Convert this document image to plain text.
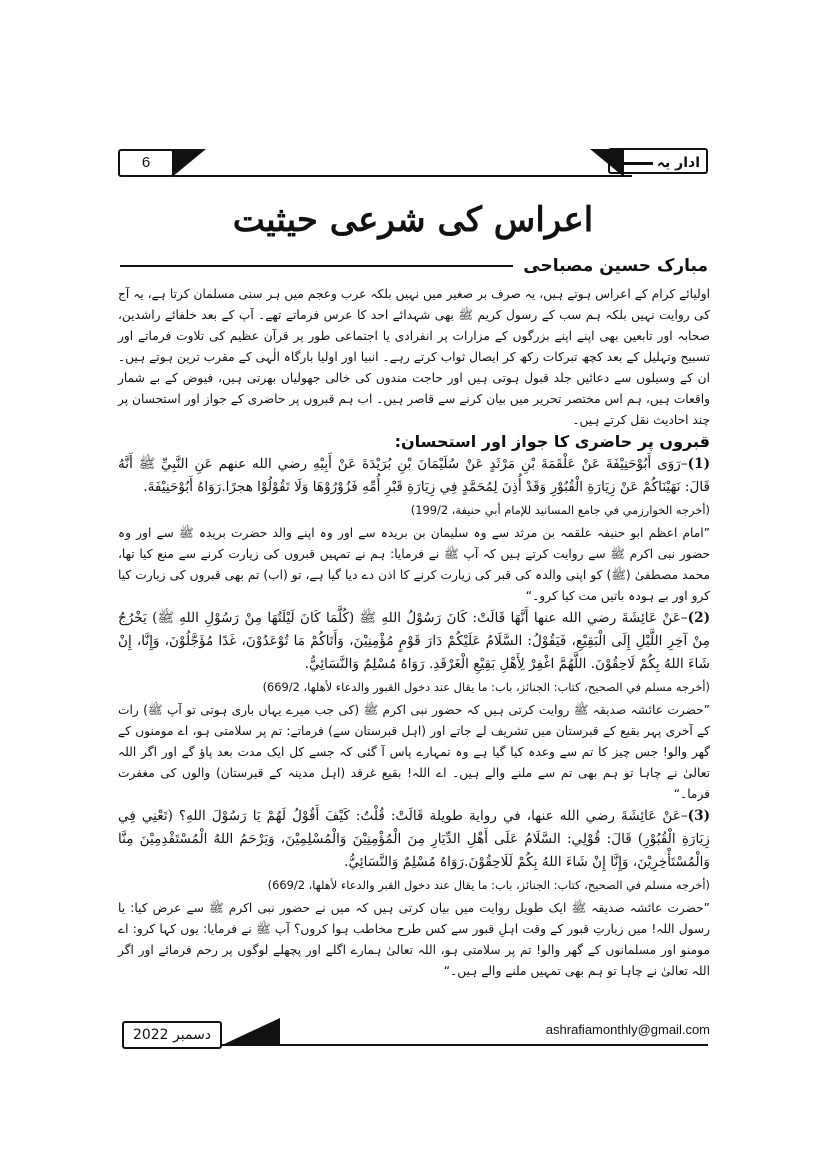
6	ادار یہ
اعراس کی شرعی حیثیت
مبارک حسین مصباحی

اولیائے کرام کے اعراس ہوتے ہیں، یہ صرف بر صغیر میں نہیں بلکہ عرب وعجم میں ہر سنی مسلمان کرتا ہے، یہ آج کی روایت نہیں بلکہ ہم سب کے رسول کریم ﷺ بھی شہدائے احد کا عرس فرماتے تھے۔ آپ کے بعد خلفائے راشدین، صحابہ اور تابعین بھی اپنے اپنے بزرگوں کے مزارات پر انفرادی یا اجتماعی طور پر قرآن عظیم کی تلاوت فرماتے اور تسبیح وتہلیل کے بعد کچھ تبرکات رکھ کر ایصال ثواب کرتے رہے۔ انبیا اور اولیا بارگاہ الٰہی کے مقرب ترین ہوتے ہیں۔ ان کے وسیلوں سے دعائیں جلد قبول ہوتی ہیں اور حاجت مندوں کی خالی جھولیاں بھرتی ہیں، فیوض کے بے شمار واقعات ہیں، ہم اس مختصر تحریر میں بیان کرنے سے قاصر ہیں۔ اب ہم قبروں پر حاضری کے جواز اور استحسان پر چند احادیث نقل کرتے ہیں۔

قبروں پر حاضری کا جواز اور استحسان:

(1)–رَوَى أَبُوْحَنِيْفَةَ عَنْ عَلْقَمَةَ بْنِ مَرْثَدٍ عَنْ سُلَيْمَانَ بْنِ بُرَيْدَةَ عَنْ أَبِيْهِ رضي الله عنهم عَنِ النَّبِيِّ ﷺ أَنَّهُ قَالَ: نَهَيْنَاكُمْ عَنْ زِيَارَةِ الْقُبُوْرِ وَقَدْ أُذِنَ لِمُحَمَّدٍ فِي زِيَارَةِ قَبْرِ أُمِّهِ فَزُوْرُوْهَا وَلَا تَقُوْلُوْا هجرًا.رَوَاهُ أَبُوْحَنِيْفَةَ.

(أخرجه الخوارزمي في جامع المسانيد للإمام أبي حنيفة، 199/2)

”امام اعظم ابو حنیفہ علقمہ بن مرثد سے وہ سلیمان بن بریدہ سے اور وہ اپنے والد حضرت بریدہ ﷺ سے اور وہ حضور نبی اکرم ﷺ سے روایت کرتے ہیں کہ آپ ﷺ نے فرمایا: ہم نے تمہیں قبروں کی زیارت کرنے سے منع کیا تھا، محمد مصطفیٰ (ﷺ) کو اپنی والدہ کی قبر کی زیارت کرنے کا اذن دے دیا گیا ہے، تو (اب) تم بھی قبروں کی زیارت کیا کرو اور بے ہودہ باتیں مت کیا کرو۔“

(2)–عَنْ عَائِشَةَ رضي الله عنها أَنَّهَا قَالَتْ: كَانَ رَسُوْلُ اللهِ ﷺ (كُلَّمَا كَانَ لَيْلَتُهَا مِنْ رَسُوْلِ اللهِ ﷺ) يَخْرُجُ مِنْ آخِرِ اللَّيْلِ إِلَى الْبَقِيْعِ، فَيَقُوْلُ: السَّلَامُ عَلَيْكُمْ دَارَ قَوْمٍ مُؤْمِنِيْنَ، وَأَتَاكُمْ مَا تُوْعَدُوْنَ، غَدًا مُؤَجَّلُوْنَ، وَإِنَّا، إِنْ شَاءَ اللهُ بِكُمْ لَاحِقُوْنَ. اللَّهُمَّ اغْفِرْ لِأَهْلِ بَقِيْعِ الْغَرْقَدِ. رَوَاهُ مُسْلِمٌ وَالنَّسَائِيُّ.

(أخرجه مسلم في الصحيح، كتاب: الجنائز، باب: ما يقال عند دخول القبور والدعاء لأهلها، 669/2)

”حضرت عائشہ صدیقہ ﷺ روایت کرتی ہیں کہ حضور نبی اکرم ﷺ (کی جب میرے یہاں باری ہوتی تو آپ ﷺ) رات کے آخری پہر بقیع کے قبرستان میں تشریف لے جاتے اور (اہل قبرستان سے) فرماتے: تم پر سلامتی ہو، اے مومنوں کے گھر والو! جس چیز کا تم سے وعدہ کیا گیا ہے وہ تمہارے پاس آ گئی کہ جسے کل ایک مدت بعد پاؤ گے اور اگر اللہ تعالیٰ نے چاہا تو ہم بھی تم سے ملنے والے ہیں۔ اے اللہ! بقیع غرقد (اہل مدینہ کے قبرستان) والوں کی مغفرت فرما۔“

(3)–عَنْ عَائِشَةَ رضي الله عنها، في رواية طويلة قَالَتْ: قُلْتُ: كَيْفَ أَقُوْلُ لَهُمْ يَا رَسُوْلَ اللهِ؟ (تَعْنِي فِي زِيَارَةِ الْقُبُوْرِ) قَالَ: قُوْلِي: السَّلَامُ عَلَى أَهْلِ الدِّيَارِ مِنَ الْمُؤْمِنِيْنَ وَالْمُسْلِمِيْنَ، وَيَرْحَمُ اللهُ الْمُسْتَقْدِمِيْنَ مِنَّا وَالْمُسْتَأْخِرِيْنَ، وَإِنَّا إِنْ شَاءَ اللهُ بِكُمْ لَلَاحِقُوْنَ.رَوَاهُ مُسْلِمٌ وَالنَّسَائِيُّ.

(أخرجه مسلم في الصحيح، كتاب: الجنائز، باب: ما يقال عند دخول القبر والدعاء لأهلها، 669/2)

”حضرت عائشہ صدیقہ ﷺ ایک طویل روایت میں بیان کرتی ہیں کہ میں نے حضور نبی اکرم ﷺ سے عرض کیا: یا رسول اللہ! میں زیارتِ قبور کے وقت اہلِ قبور سے کس طرح مخاطب ہوا کروں؟ آپ ﷺ نے فرمایا: یوں کہا کرو: اے مومنو اور مسلمانوں کے گھر والو! تم پر سلامتی ہو، اللہ تعالیٰ ہمارے اگلے اور پچھلے لوگوں پر رحم فرمائے اور اگر اللہ تعالیٰ نے چاہا تو ہم بھی تمہیں ملنے والے ہیں۔“

دسمبر 2022	ashrafiamonthly@gmail.com
